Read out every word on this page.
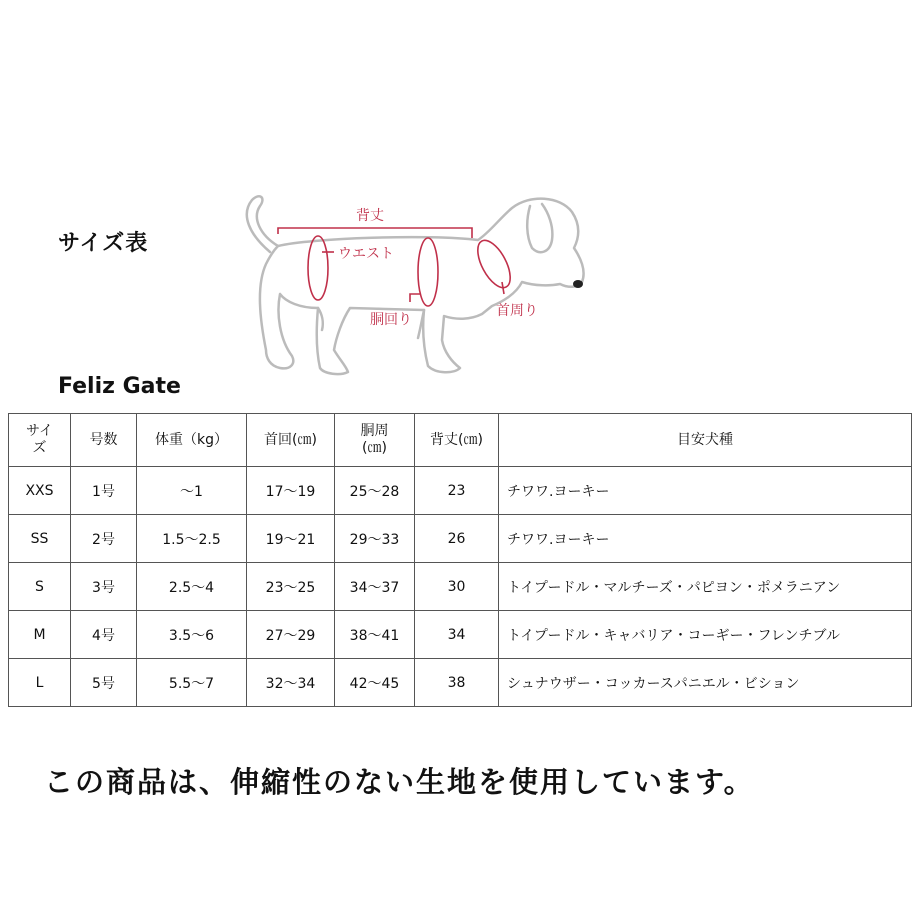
サイズ表
背丈
ウエスト
胴回り
首周り
Feliz Gate
サイズ	号数	体重（kg）	首回(㎝)	胴周(㎝)	背丈(㎝)	目安犬種
XXS	1号	〜1	17〜19	25〜28	23	チワワ.ヨーキー
SS	2号	1.5〜2.5	19〜21	29〜33	26	チワワ.ヨーキー
S	3号	2.5〜4	23〜25	34〜37	30	トイプードル・マルチーズ・パピヨン・ポメラニアン
M	4号	3.5〜6	27〜29	38〜41	34	トイプードル・キャバリア・コーギー・フレンチブル
L	5号	5.5〜7	32〜34	42〜45	38	シュナウザー・コッカースパニエル・ビション
この商品は、伸縮性のない生地を使用しています。
